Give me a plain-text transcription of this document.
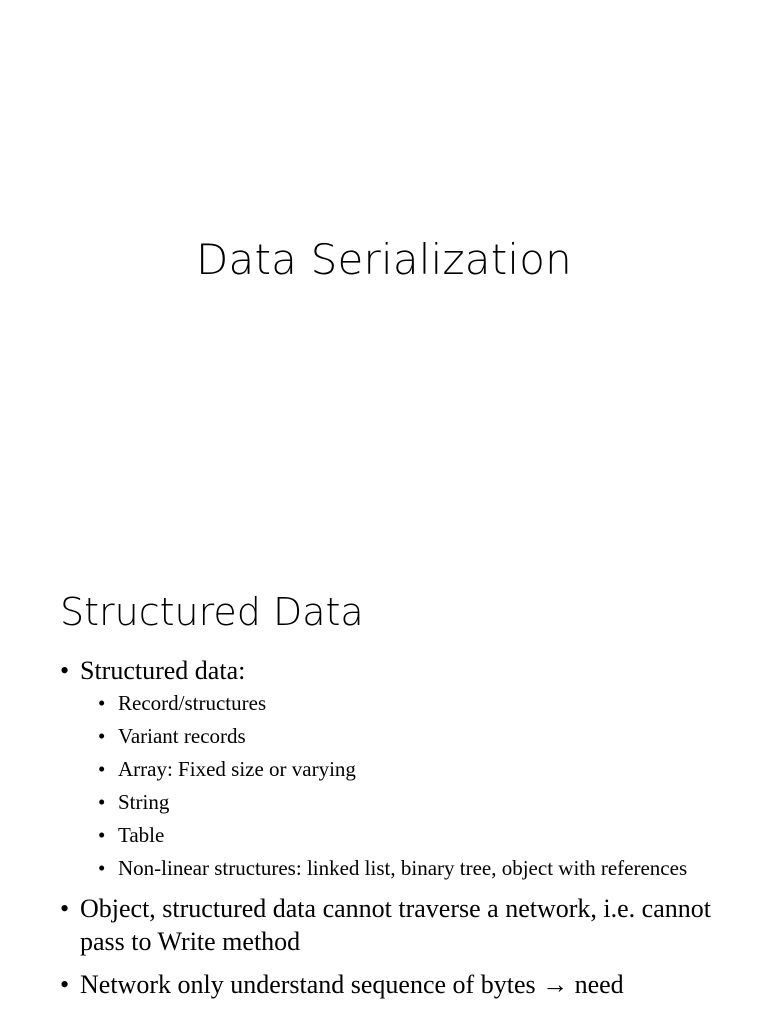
Data Serialization
Structured Data
• Structured data:
• Record/structures
• Variant records
• Array: Fixed size or varying
• String
• Table
• Non-linear structures: linked list, binary tree, object with references
• Object, structured data cannot traverse a network, i.e. cannot pass to Write method
• Network only understand sequence of bytes → need
